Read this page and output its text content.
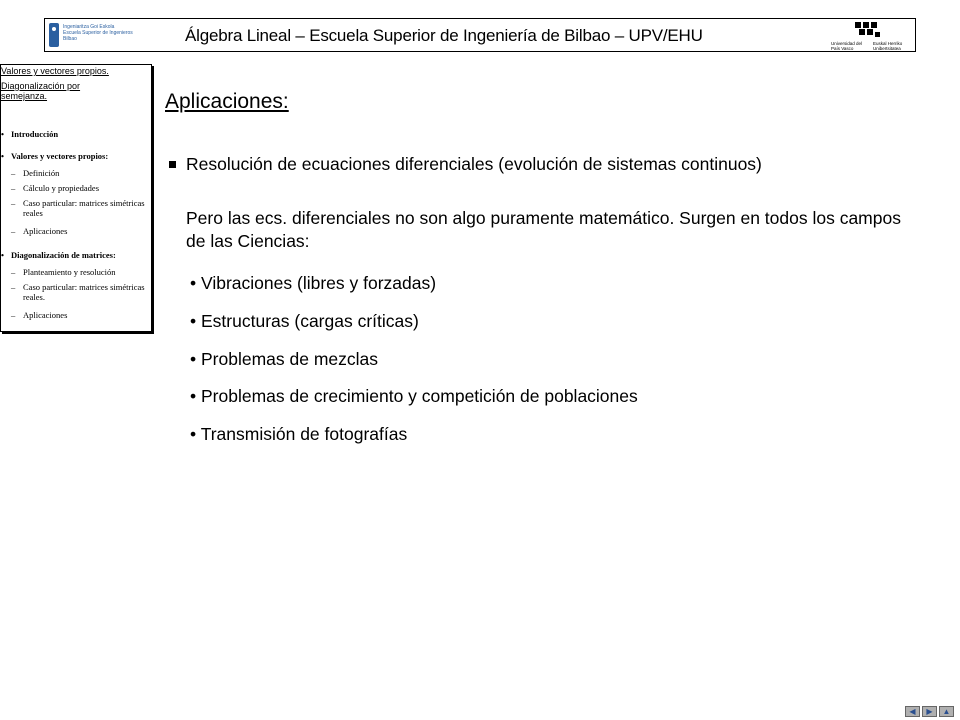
Ingeniaritza Goi Eskola
Escuela Superior de Ingenieros
Bilbao	Álgebra Lineal – Escuela Superior de Ingeniería de Bilbao – UPV/EHU	Universidad del País Vasco
Euskal Herriko Unibertsitatea
Valores y vectores propios.
Diagonalización por semejanza.
• Introducción
• Valores y vectores propios:
– Definición
– Cálculo y propiedades
– Caso particular: matrices simétricas reales
– Aplicaciones
• Diagonalización de matrices:
– Planteamiento y resolución
– Caso particular: matrices simétricas reales.
– Aplicaciones
Aplicaciones:
Resolución de ecuaciones diferenciales (evolución de sistemas continuos)
Pero las ecs. diferenciales no son algo puramente matemático. Surgen en todos los campos de las Ciencias:
• Vibraciones (libres y forzadas)
• Estructuras (cargas críticas)
• Problemas de mezclas
• Problemas de crecimiento y competición de poblaciones
• Transmisión de fotografías
◀	▶	▲
